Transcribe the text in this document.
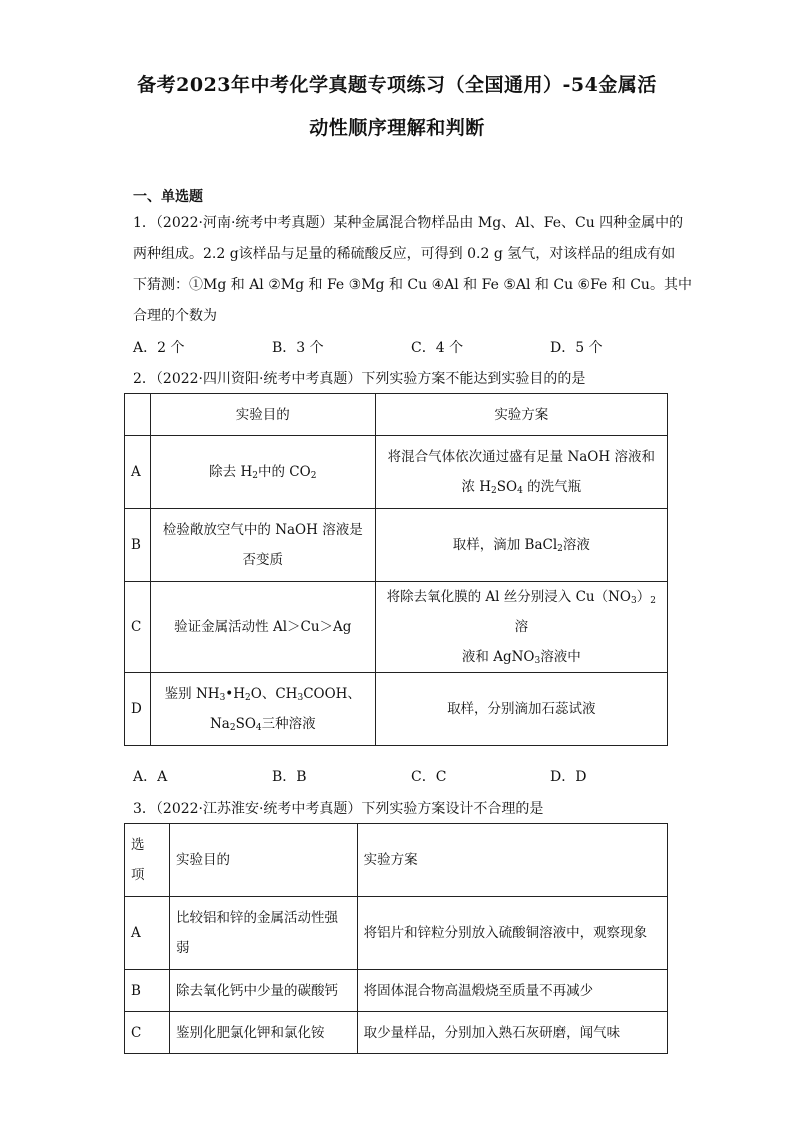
备考2023年中考化学真题专项练习（全国通用）-54金属活
动性顺序理解和判断
一、单选题
1．（2022·河南·统考中考真题）某种金属混合物样品由 Mg、Al、Fe、Cu 四种金属中的
两种组成。2.2 g该样品与足量的稀硫酸反应，可得到 0.2 g 氢气，对该样品的组成有如
下猜测：①Mg 和 Al ②Mg 和 Fe ③Mg 和 Cu ④Al 和 Fe ⑤Al 和 Cu ⑥Fe 和 Cu。其中
合理的个数为
A．2 个	B．3 个	C．4 个	D．5 个
2．（2022·四川资阳·统考中考真题）下列实验方案不能达到实验目的的是
	实验目的	实验方案
A	除去 $H_2$中的 $CO_2$	将混合气体依次通过盛有足量 NaOH 溶液和
浓 $H_2SO_4$ 的洗气瓶
B	检验敞放空气中的 NaOH 溶液是
否变质	取样，滴加 BaCl$_2$溶液
C	验证金属活动性 Al＞Cu＞Ag	将除去氧化膜的 Al 丝分别浸入 $Cu(NO_3)_2$溶
液和 AgNO$_3$溶液中
D	鉴别 $NH_3•H_2O$、$CH_3COOH$、
$Na_2SO_4$三种溶液	取样，分别滴加石蕊试液
A．A	B．B	C．C	D．D
3．（2022·江苏淮安·统考中考真题）下列实验方案设计不合理的是
选
项	实验目的	实验方案
A	比较铝和锌的金属活动性强
弱	将铝片和锌粒分别放入硫酸铜溶液中，观察现象
B	除去氧化钙中少量的碳酸钙	将固体混合物高温煅烧至质量不再减少
C	鉴别化肥氯化钾和氯化铵	取少量样品，分别加入熟石灰研磨，闻气味
